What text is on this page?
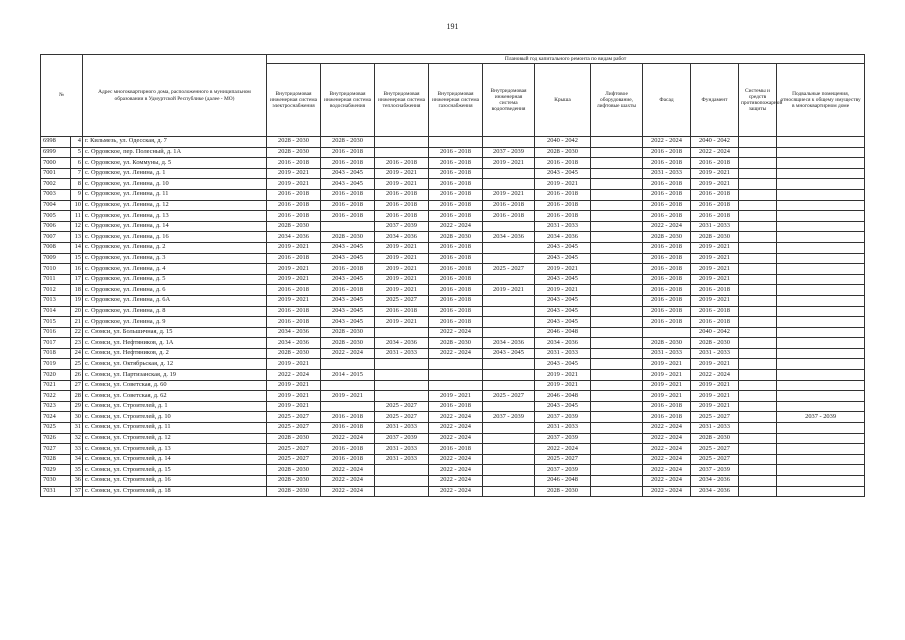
191
№		Адрес многоквартирного дома, расположенного в муниципальном образовании в Удмуртской Республике (далее - МО)	Плановый год капитального ремонта по видам работ										
			Внутридомовая инженерная система электроснабжения	Внутридомовая инженерная система водоснабжения	Внутридомовая инженерная система теплоснабжения	Внутридомовая инженерная система газоснабжения	Внутридомовая инженерная система водоотведения	Крыша	Лифтовое оборудование, лифтовые шахты	Фасад	Фундамент	Системы и средств противопожарной защиты	Подвальные помещения, относящиеся к общему имуществу в многоквартирном доме
6998	4	г. Кильмезь, ул. Одесская, д. 7	2028 - 2030	2028 - 2030				2040 - 2042		2022 - 2024	2040 - 2042		
6999	5	с. Ордовское, пер. Полесный, д. 1А	2028 - 2030	2016 - 2018		2016 - 2018	2037 - 2039	2028 - 2030		2016 - 2018	2022 - 2024		
7000	6	с. Ордовское, ул. Коммуны, д. 5	2016 - 2018	2016 - 2018	2016 - 2018	2016 - 2018	2019 - 2021	2016 - 2018		2016 - 2018	2016 - 2018		
7001	7	с. Ордовское, ул. Ленина, д. 1	2019 - 2021	2043 - 2045	2019 - 2021	2016 - 2018		2043 - 2045		2031 - 2033	2019 - 2021		
7002	8	с. Ордовское, ул. Ленина, д. 10	2019 - 2021	2043 - 2045	2019 - 2021	2016 - 2018		2019 - 2021		2016 - 2018	2019 - 2021		
7003	9	с. Ордовское, ул. Ленина, д. 11	2016 - 2018	2016 - 2018	2016 - 2018	2016 - 2018	2019 - 2021	2016 - 2018		2016 - 2018	2016 - 2018		
7004	10	с. Ордовское, ул. Ленина, д. 12	2016 - 2018	2016 - 2018	2016 - 2018	2016 - 2018	2016 - 2018	2016 - 2018		2016 - 2018	2016 - 2018		
7005	11	с. Ордовское, ул. Ленина, д. 13	2016 - 2018	2016 - 2018	2016 - 2018	2016 - 2018	2016 - 2018	2016 - 2018		2016 - 2018	2016 - 2018		
7006	12	с. Ордовское, ул. Ленина, д. 14	2028 - 2030		2037 - 2039	2022 - 2024		2031 - 2033		2022 - 2024	2031 - 2033		
7007	13	с. Ордовское, ул. Ленина, д. 16	2034 - 2036	2028 - 2030	2034 - 2036	2028 - 2030	2034 - 2036	2034 - 2036		2028 - 2030	2028 - 2030		
7008	14	с. Ордовское, ул. Ленина, д. 2	2019 - 2021	2043 - 2045	2019 - 2021	2016 - 2018		2043 - 2045		2016 - 2018	2019 - 2021		
7009	15	с. Ордовское, ул. Ленина, д. 3	2016 - 2018	2043 - 2045	2019 - 2021	2016 - 2018		2043 - 2045		2016 - 2018	2019 - 2021		
7010	16	с. Ордовское, ул. Ленина, д. 4	2019 - 2021	2016 - 2018	2019 - 2021	2016 - 2018	2025 - 2027	2019 - 2021		2016 - 2018	2019 - 2021		
7011	17	с. Ордовское, ул. Ленина, д. 5	2019 - 2021	2043 - 2045	2019 - 2021	2016 - 2018		2043 - 2045		2016 - 2018	2019 - 2021		
7012	18	с. Ордовское, ул. Ленина, д. 6	2016 - 2018	2016 - 2018	2019 - 2021	2016 - 2018	2019 - 2021	2019 - 2021		2016 - 2018	2016 - 2018		
7013	19	с. Ордовское, ул. Ленина, д. 6А	2019 - 2021	2043 - 2045	2025 - 2027	2016 - 2018		2043 - 2045		2016 - 2018	2019 - 2021		
7014	20	с. Ордовское, ул. Ленина, д. 8	2016 - 2018	2043 - 2045	2016 - 2018	2016 - 2018		2043 - 2045		2016 - 2018	2016 - 2018		
7015	21	с. Ордовское, ул. Ленина, д. 9	2016 - 2018	2043 - 2045	2019 - 2021	2016 - 2018		2043 - 2045		2016 - 2018	2016 - 2018		
7016	22	с. Сюмси, ул. Большичная, д. 15	2034 - 2036	2028 - 2030		2022 - 2024		2046 - 2048			2040 - 2042		
7017	23	с. Сюмси, ул. Нефтяников, д. 1А	2034 - 2036	2028 - 2030	2034 - 2036	2028 - 2030	2034 - 2036	2034 - 2036		2028 - 2030	2028 - 2030		
7018	24	с. Сюмси, ул. Нефтяников, д. 2	2028 - 2030	2022 - 2024	2031 - 2033	2022 - 2024	2043 - 2045	2031 - 2033		2031 - 2033	2031 - 2033		
7019	25	с. Сюмси, ул. Октябрьская, д. 12	2019 - 2021					2043 - 2045		2019 - 2021	2019 - 2021		
7020	26	с. Сюмси, ул. Партизанская, д. 19	2022 - 2024	2014 - 2015				2019 - 2021		2019 - 2021	2022 - 2024		
7021	27	с. Сюмси, ул. Советская, д. 60	2019 - 2021					2019 - 2021		2019 - 2021	2019 - 2021		
7022	28	с. Сюмси, ул. Советская, д. 62	2019 - 2021	2019 - 2021		2019 - 2021	2025 - 2027	2046 - 2048		2019 - 2021	2019 - 2021		
7023	29	с. Сюмси, ул. Строителей, д. 1	2019 - 2021		2025 - 2027	2016 - 2018		2043 - 2045		2016 - 2018	2019 - 2021		
7024	30	с. Сюмси, ул. Строителей, д. 10	2025 - 2027	2016 - 2018	2025 - 2027	2022 - 2024	2037 - 2039	2037 - 2039		2016 - 2018	2025 - 2027		2037 - 2039
7025	31	с. Сюмси, ул. Строителей, д. 11	2025 - 2027	2016 - 2018	2031 - 2033	2022 - 2024		2031 - 2033		2022 - 2024	2031 - 2033		
7026	32	с. Сюмси, ул. Строителей, д. 12	2028 - 2030	2022 - 2024	2037 - 2039	2022 - 2024		2037 - 2039		2022 - 2024	2028 - 2030		
7027	33	с. Сюмси, ул. Строителей, д. 13	2025 - 2027	2016 - 2018	2031 - 2033	2016 - 2018		2022 - 2024		2022 - 2024	2025 - 2027		
7028	34	с. Сюмси, ул. Строителей, д. 14	2025 - 2027	2016 - 2018	2031 - 2033	2022 - 2024		2025 - 2027		2022 - 2024	2025 - 2027		
7029	35	с. Сюмси, ул. Строителей, д. 15	2028 - 2030	2022 - 2024		2022 - 2024		2037 - 2039		2022 - 2024	2037 - 2039		
7030	36	с. Сюмси, ул. Строителей, д. 16	2028 - 2030	2022 - 2024		2022 - 2024		2046 - 2048		2022 - 2024	2034 - 2036		
7031	37	с. Сюмси, ул. Строителей, д. 18	2028 - 2030	2022 - 2024		2022 - 2024		2028 - 2030		2022 - 2024	2034 - 2036		
